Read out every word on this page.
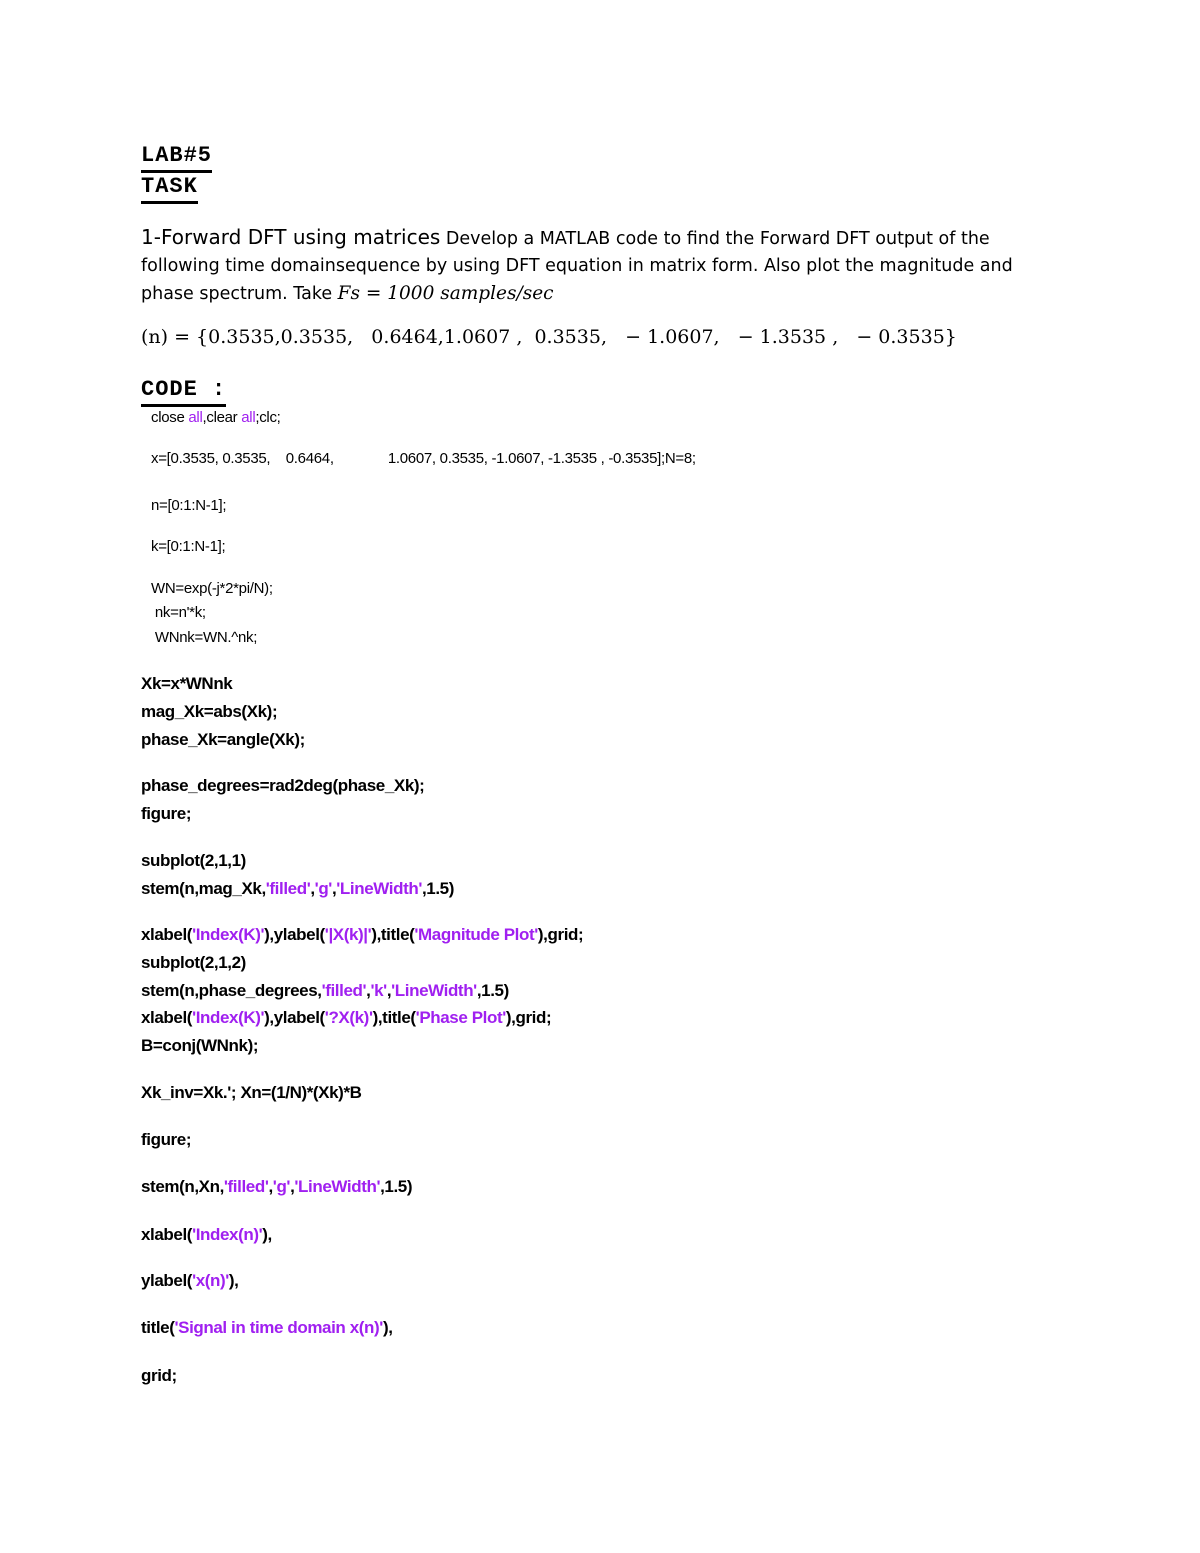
LAB#5
TASK
1-Forward DFT using matrices Develop a MATLAB code to find the Forward DFT output of the
following time domainsequence by using DFT equation in matrix form. Also plot the magnitude and
phase spectrum. Take Fs = 1000 samples/sec
(n) = {0.3535,0.3535,   0.6464,1.0607 ,  0.3535,   − 1.0607,   − 1.3535 ,   − 0.3535}
CODE :
close all,clear all;clc;
x=[0.3535, 0.3535,    0.6464,              1.0607, 0.3535, -1.0607, -1.3535 , -0.3535];N=8;
n=[0:1:N-1];
k=[0:1:N-1];
WN=exp(-j*2*pi/N);
nk=n'*k;
WNnk=WN.^nk;
Xk=x*WNnk
mag_Xk=abs(Xk);
phase_Xk=angle(Xk);
phase_degrees=rad2deg(phase_Xk);
figure;
subplot(2,1,1)
stem(n,mag_Xk,'filled','g','LineWidth',1.5)
xlabel('Index(K)'),ylabel('|X(k)|'),title('Magnitude Plot'),grid;
subplot(2,1,2)
stem(n,phase_degrees,'filled','k','LineWidth',1.5)
xlabel('Index(K)'),ylabel('?X(k)'),title('Phase Plot'),grid;
B=conj(WNnk);
Xk_inv=Xk.'; Xn=(1/N)*(Xk)*B
figure;
stem(n,Xn,'filled','g','LineWidth',1.5)
xlabel('Index(n)'),
ylabel('x(n)'),
title('Signal in time domain x(n)'),
grid;
